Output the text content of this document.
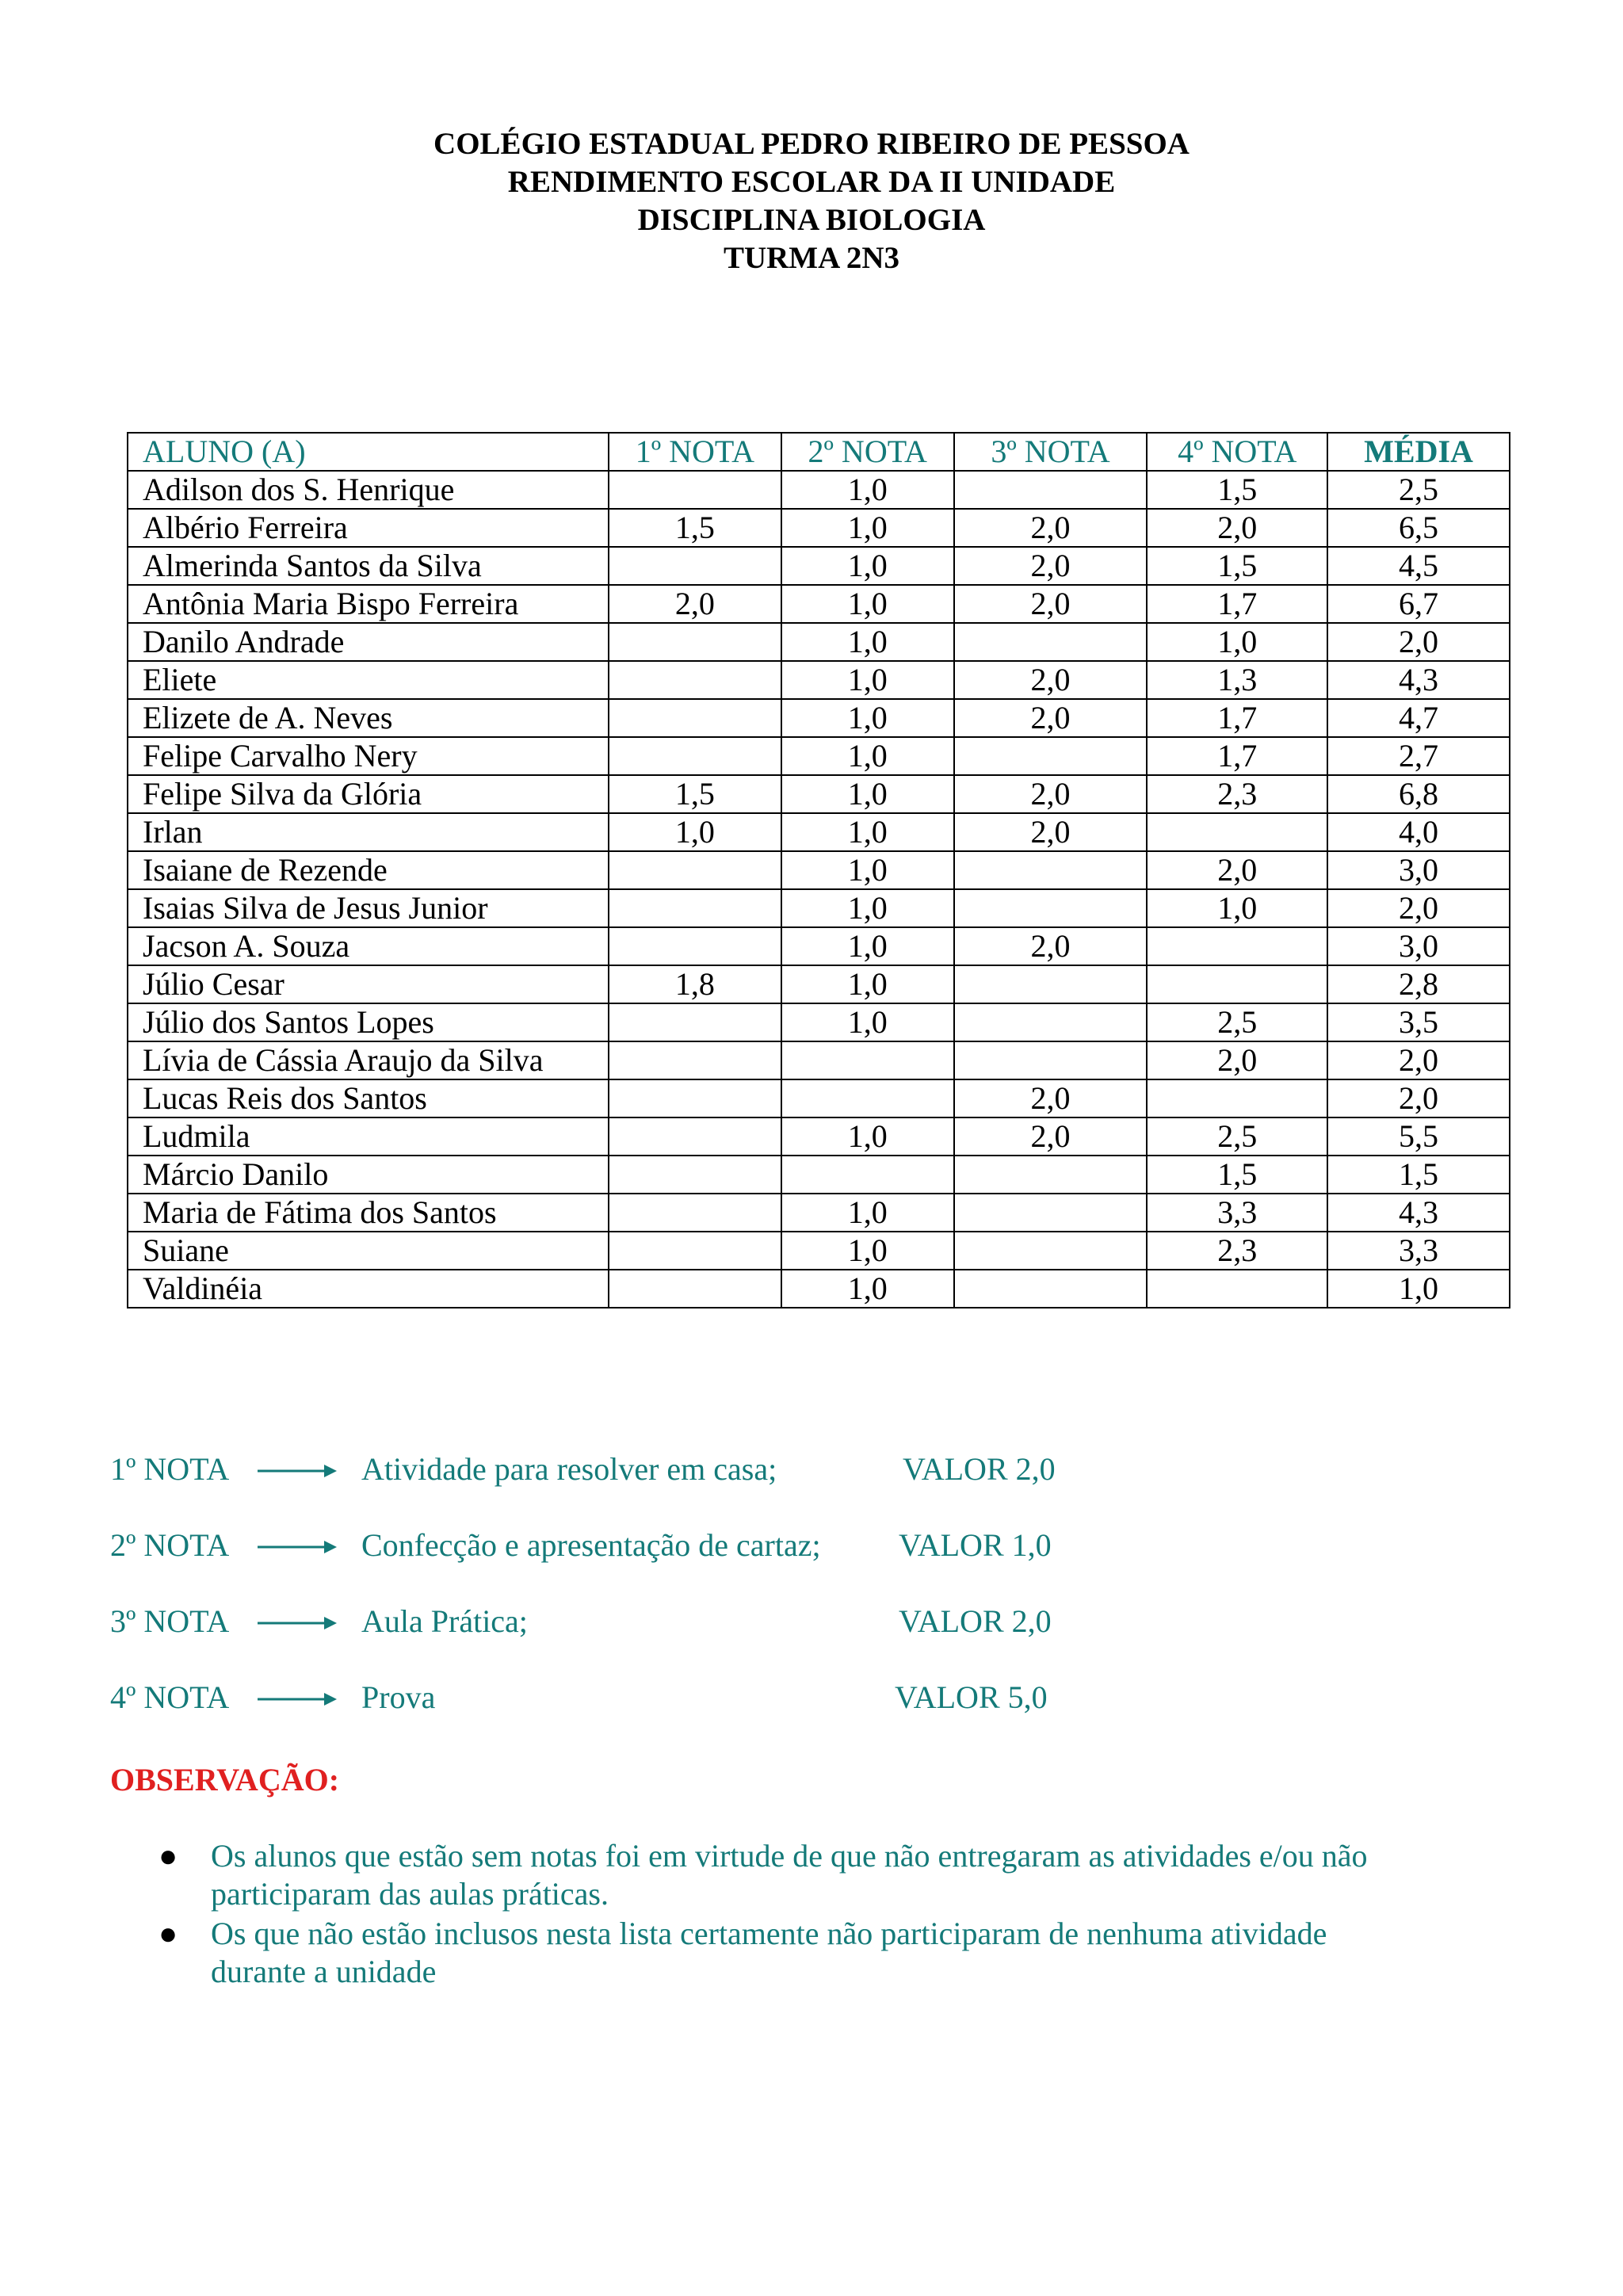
COLÉGIO ESTADUAL PEDRO RIBEIRO DE PESSOA
RENDIMENTO ESCOLAR DA II UNIDADE
DISCIPLINA BIOLOGIA
TURMA 2N3
ALUNO (A)	1º NOTA	2º NOTA	3º NOTA	4º NOTA	MÉDIA
Adilson dos S. Henrique		1,0		1,5	2,5
Albério Ferreira	1,5	1,0	2,0	2,0	6,5
Almerinda Santos da Silva		1,0	2,0	1,5	4,5
Antônia Maria Bispo Ferreira	2,0	1,0	2,0	1,7	6,7
Danilo Andrade		1,0		1,0	2,0
Eliete		1,0	2,0	1,3	4,3
Elizete de A. Neves		1,0	2,0	1,7	4,7
Felipe Carvalho Nery		1,0		1,7	2,7
Felipe Silva da Glória	1,5	1,0	2,0	2,3	6,8
Irlan	1,0	1,0	2,0		4,0
Isaiane de Rezende		1,0		2,0	3,0
Isaias Silva de Jesus Junior		1,0		1,0	2,0
Jacson A. Souza		1,0	2,0		3,0
Júlio Cesar	1,8	1,0			2,8
Júlio dos Santos Lopes		1,0		2,5	3,5
Lívia de Cássia Araujo da Silva				2,0	2,0
Lucas Reis dos Santos			2,0		2,0
Ludmila		1,0	2,0	2,5	5,5
Márcio Danilo				1,5	1,5
Maria de Fátima dos Santos		1,0		3,3	4,3
Suiane		1,0		2,3	3,3
Valdinéia		1,0			1,0
1º NOTA	Atividade para resolver em casa;	VALOR 2,0
2º NOTA	Confecção e apresentação de cartaz; VALOR 1,0
3º NOTA	Aula Prática;	VALOR 2,0
4º NOTA	Prova	VALOR 5,0
OBSERVAÇÃO:
● Os alunos que estão sem notas foi em virtude de que não entregaram as atividades e/ou não participaram das aulas práticas.
● Os que não estão inclusos nesta lista certamente não participaram de nenhuma atividade durante a unidade
